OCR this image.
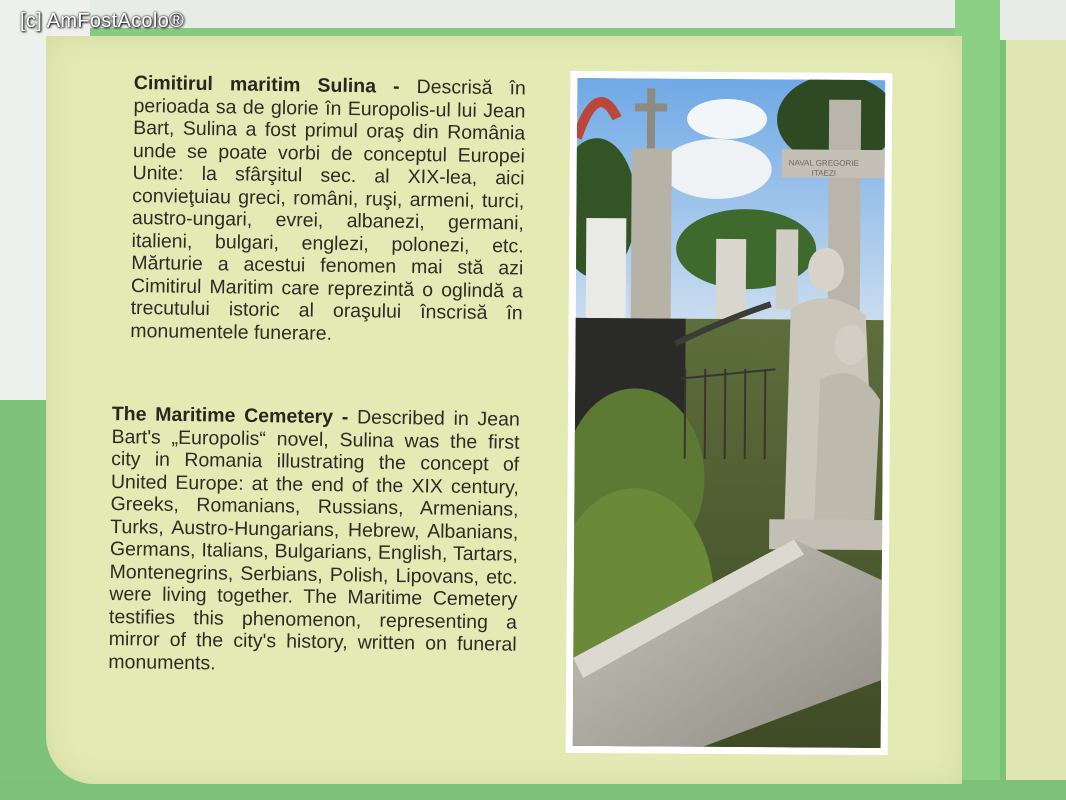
Cimitirul maritim Sulina - Descrisă în perioada sa de glorie în Europolis-ul lui Jean Bart, Sulina a fost primul oraş din România unde se poate vorbi de conceptul Europei Unite: la sfârşitul sec. al XIX-lea, aici convieţuiau greci, români, ruşi, armeni, turci, austro-ungari, evrei, albanezi, germani, italieni, bulgari, englezi, polonezi, etc. Mărturie a acestui fenomen mai stă azi Cimitirul Maritim care reprezintă o oglindă a trecutului istoric al oraşului înscrisă în monumentele funerare.
The Maritime Cemetery - Described in Jean Bart's „Europolis“ novel, Sulina was the first city in Romania illustrating the concept of United Europe: at the end of the XIX century, Greeks, Romanians, Russians, Armenians, Turks, Austro-Hungarians, Hebrew, Albanians, Germans, Italians, Bulgarians, English, Tartars, Montenegrins, Serbians, Polish, Lipovans, etc. were living together. The Maritime Cemetery testifies this phenomenon, representing a mirror of the city's history, written on funeral monuments.
NAVAL GREGORIE
ITAEZI
[c] AmFostAcolo®
